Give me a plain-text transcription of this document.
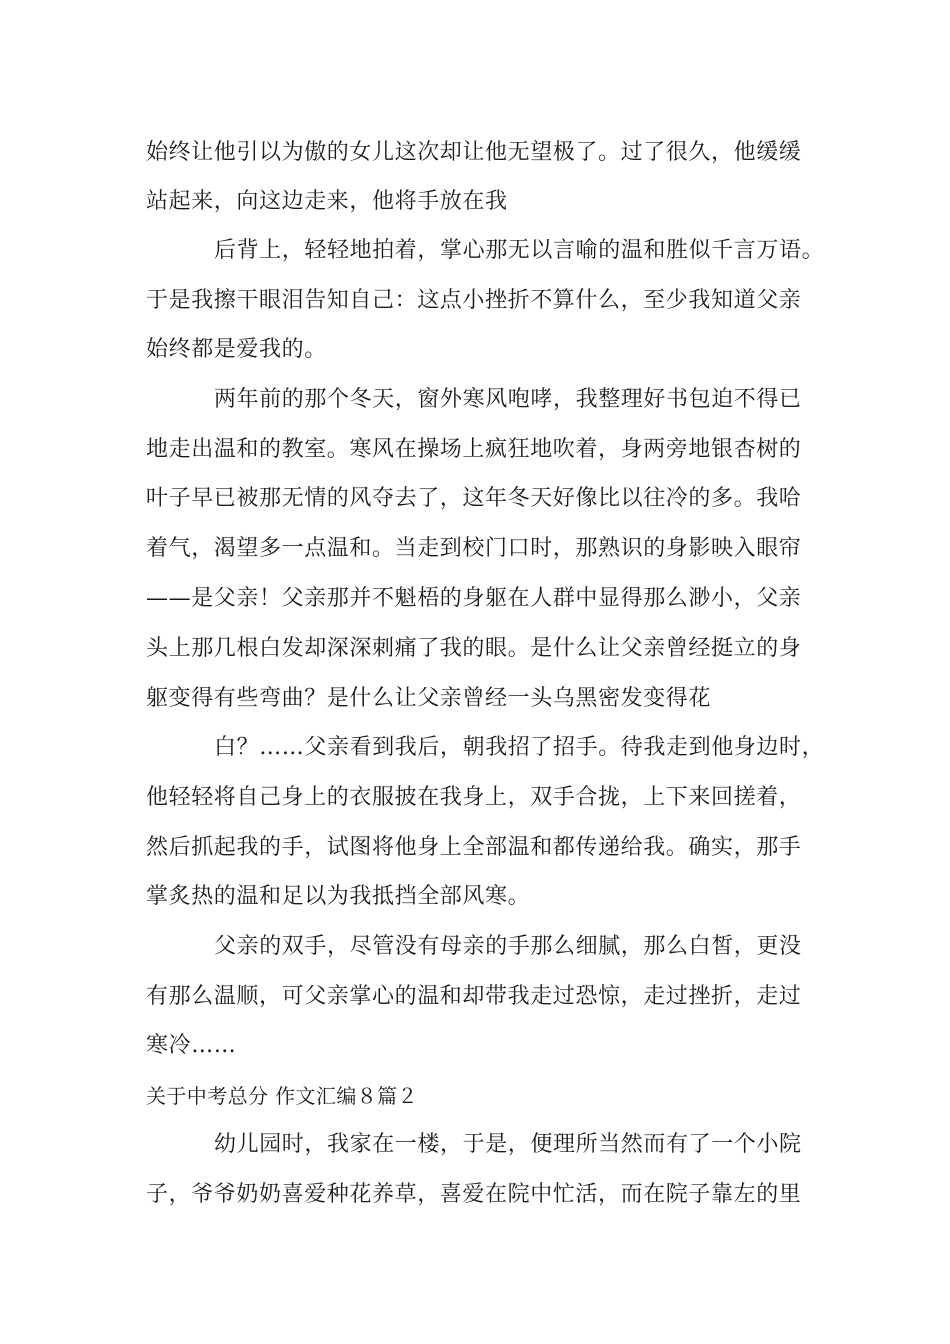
始终让他引以为傲的女儿这次却让他无望极了。过了很久，他缓缓
站起来，向这边走来，他将手放在我
后背上，轻轻地拍着，掌心那无以言喻的温和胜似千言万语。
于是我擦干眼泪告知自己：这点小挫折不算什么，至少我知道父亲
始终都是爱我的。
两年前的那个冬天，窗外寒风咆哮，我整理好书包迫不得已
地走出温和的教室。寒风在操场上疯狂地吹着，身两旁地银杏树的
叶子早已被那无情的风夺去了，这年冬天好像比以往冷的多。我哈
着气，渴望多一点温和。当走到校门口时，那熟识的身影映入眼帘
——是父亲！父亲那并不魁梧的身躯在人群中显得那么渺小，父亲
头上那几根白发却深深刺痛了我的眼。是什么让父亲曾经挺立的身
躯变得有些弯曲？是什么让父亲曾经一头乌黑密发变得花
白？……父亲看到我后，朝我招了招手。待我走到他身边时，
他轻轻将自己身上的衣服披在我身上，双手合拢，上下来回搓着，
然后抓起我的手，试图将他身上全部温和都传递给我。确实，那手
掌炙热的温和足以为我抵挡全部风寒。
父亲的双手，尽管没有母亲的手那么细腻，那么白皙，更没
有那么温顺，可父亲掌心的温和却带我走过恐惊，走过挫折，走过
寒冷……
关于中考总分 作文汇编８篇２
幼儿园时，我家在一楼，于是，便理所当然而有了一个小院
子，爷爷奶奶喜爱种花养草，喜爱在院中忙活，而在院子靠左的里
